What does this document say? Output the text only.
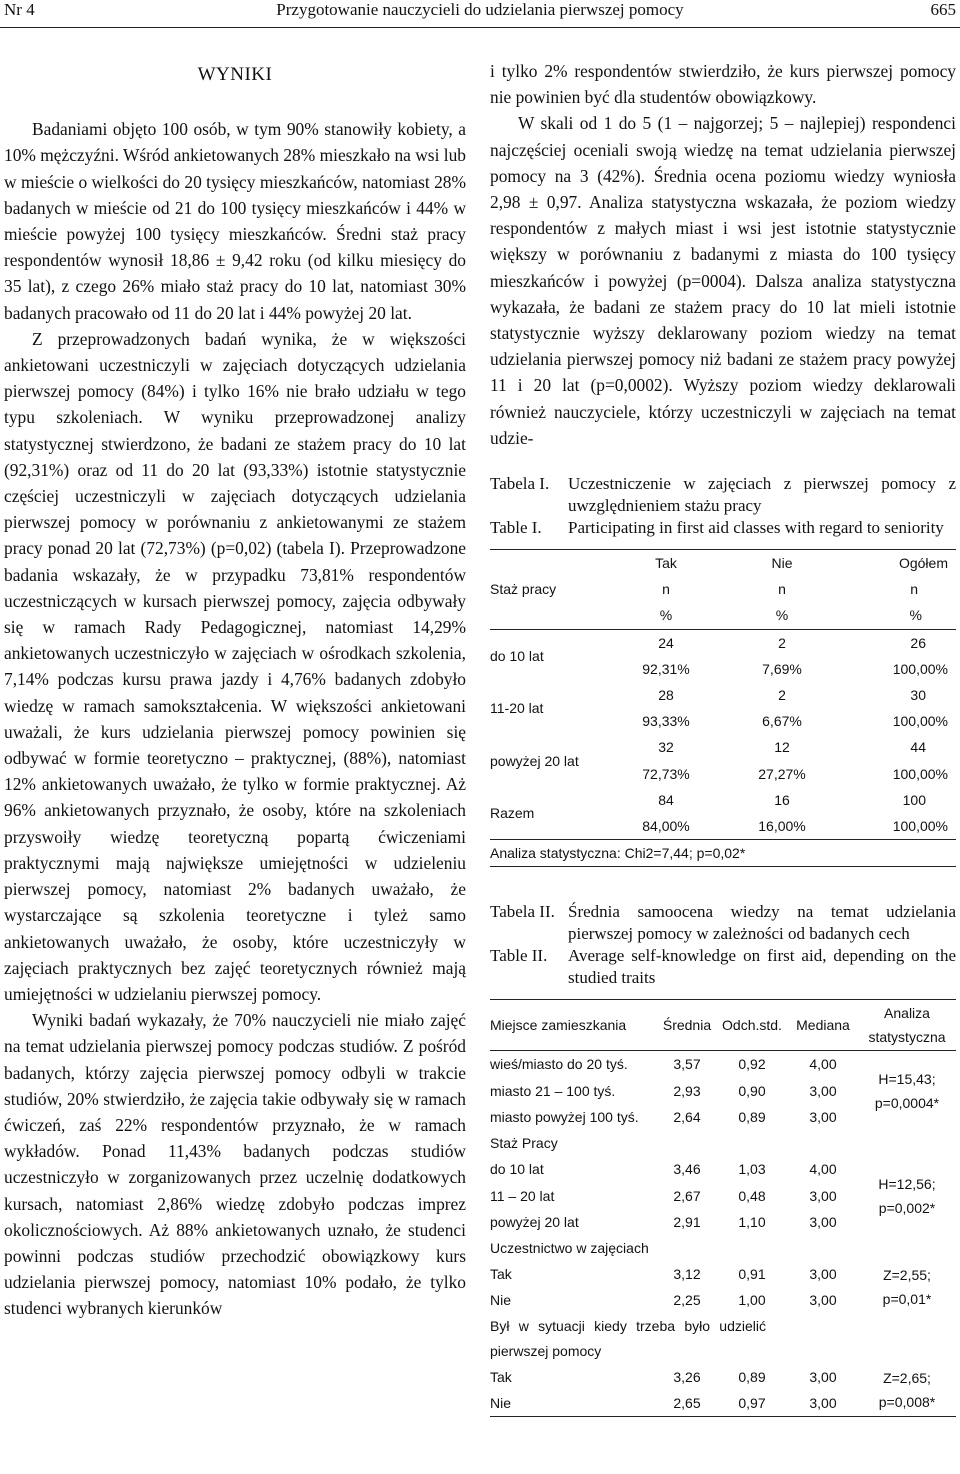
Nr 4	Przygotowanie nauczycieli do udzielania pierwszej pomocy	665
WYNIKI

Badaniami objęto 100 osób, w tym 90% stanowiły kobiety, a 10% mężczyźni. Wśród ankietowanych 28% mieszkało na wsi lub w mieście o wielkości do 20 tysięcy mieszkańców, natomiast 28% badanych w mieście od 21 do 100 tysięcy mieszkańców i 44% w mieście powyżej 100 tysięcy mieszkańców. Średni staż pracy respondentów wynosił 18,86 ± 9,42 roku (od kilku miesięcy do 35 lat), z czego 26% miało staż pracy do 10 lat, natomiast 30% badanych pracowało od 11 do 20 lat i 44% powyżej 20 lat.

Z przeprowadzonych badań wynika, że w większości ankietowani uczestniczyli w zajęciach dotyczących udzielania pierwszej pomocy (84%) i tylko 16% nie brało udziału w tego typu szkoleniach. W wyniku przeprowadzonej analizy statystycznej stwierdzono, że badani ze stażem pracy do 10 lat (92,31%) oraz od 11 do 20 lat (93,33%) istotnie statystycznie częściej uczestniczyli w zajęciach dotyczących udzielania pierwszej pomocy w porównaniu z ankietowanymi ze stażem pracy ponad 20 lat (72,73%) (p=0,02) (tabela I). Przeprowadzone badania wskazały, że w przypadku 73,81% respondentów uczestniczących w kursach pierwszej pomocy, zajęcia odbywały się w ramach Rady Pedagogicznej, natomiast 14,29% ankietowanych uczestniczyło w zajęciach w ośrodkach szkolenia, 7,14% podczas kursu prawa jazdy i 4,76% badanych zdobyło wiedzę w ramach samokształcenia. W większości ankietowani uważali, że kurs udzielania pierwszej pomocy powinien się odbywać w formie teoretyczno – praktycznej, (88%), natomiast 12% ankietowanych uważało, że tylko w formie praktycznej. Aż 96% ankietowanych przyznało, że osoby, które na szkoleniach przyswoiły wiedzę teoretyczną popartą ćwiczeniami praktycznymi mają największe umiejętności w udzieleniu pierwszej pomocy, natomiast 2% badanych uważało, że wystarczające są szkolenia teoretyczne i tyleż samo ankietowanych uważało, że osoby, które uczestniczyły w zajęciach praktycznych bez zajęć teoretycznych również mają umiejętności w udzielaniu pierwszej pomocy.

Wyniki badań wykazały, że 70% nauczycieli nie miało zajęć na temat udzielania pierwszej pomocy podczas studiów. Z pośród badanych, którzy zajęcia pierwszej pomocy odbyli w trakcie studiów, 20% stwierdziło, że zajęcia takie odbywały się w ramach ćwiczeń, zaś 22% respondentów przyznało, że w ramach wykładów. Ponad 11,43% badanych podczas studiów uczestniczyło w zorganizowanych przez uczelnię dodatkowych kursach, natomiast 2,86% wiedzę zdobyło podczas imprez okolicznościowych. Aż 88% ankietowanych uznało, że studenci powinni podczas studiów przechodzić obowiązkowy kurs udzielania pierwszej pomocy, natomiast 10% podało, że tylko studenci wybranych kierunków

i tylko 2% respondentów stwierdziło, że kurs pierwszej pomocy nie powinien być dla studentów obowiązkowy.

W skali od 1 do 5 (1 – najgorzej; 5 – najlepiej) respondenci najczęściej oceniali swoją wiedzę na temat udzielania pierwszej pomocy na 3 (42%). Średnia ocena poziomu wiedzy wyniosła 2,98 ± 0,97. Analiza statystyczna wskazała, że poziom wiedzy respondentów z małych miast i wsi jest istotnie statystycznie większy w porównaniu z badanymi z miasta do 100 tysięcy mieszkańców i powyżej (p=0004). Dalsza analiza statystyczna wykazała, że badani ze stażem pracy do 10 lat mieli istotnie statystycznie wyższy deklarowany poziom wiedzy na temat udzielania pierwszej pomocy niż badani ze stażem pracy powyżej 11 i 20 lat (p=0,0002). Wyższy poziom wiedzy deklarowali również nauczyciele, którzy uczestniczyli w zajęciach na temat udzie-

Tabela I.	Uczestniczenie w zajęciach z pierwszej pomocy z uwzględnieniem stażu pracy
Table I.	Participating in first aid classes with regard to seniority
	Tak	Nie	Ogółem
Staż pracy	n	n	n
	%	%	%
do 10 lat	24	2	26
	92,31%	7,69%	100,00%
11-20 lat	28	2	30
	93,33%	6,67%	100,00%
powyżej 20 lat	32	12	44
	72,73%	27,27%	100,00%
Razem	84	16	100
	84,00%	16,00%	100,00%
Analiza statystyczna: Chi2=7,44; p=0,02*			
Tabela II. Średnia samoocena wiedzy na temat udzielania pierwszej pomocy w zależności od badanych cech
Table II.	Average self-knowledge on first aid, depending on the studied traits
Miejsce zamieszkania	Średnia	Odch.std.	Mediana	Analiza statystyczna
wieś/miasto do 20 tyś.	3,57	0,92	4,00	H=15,43;
p=0,0004*

miasto 21 – 100 tyś.	2,93	0,90	3,00	
miasto powyżej 100 tyś.	2,64	0,89	3,00	
Staż Pracy				
do 10 lat	3,46	1,03	4,00	H=12,56;
p=0,002*

11 – 20 lat	2,67	0,48	3,00	
powyżej 20 lat	2,91	1,10	3,00	
Uczestnictwo w zajęciach				
Tak	3,12	0,91	3,00	Z=2,55;
p=0,01*

Nie	2,25	1,00	3,00	
Był w sytuacji kiedy trzeba było udzielić pierwszej pomocy				
Tak	3,26	0,89	3,00	Z=2,65;
p=0,008*

Nie	2,65	0,97	3,00	
